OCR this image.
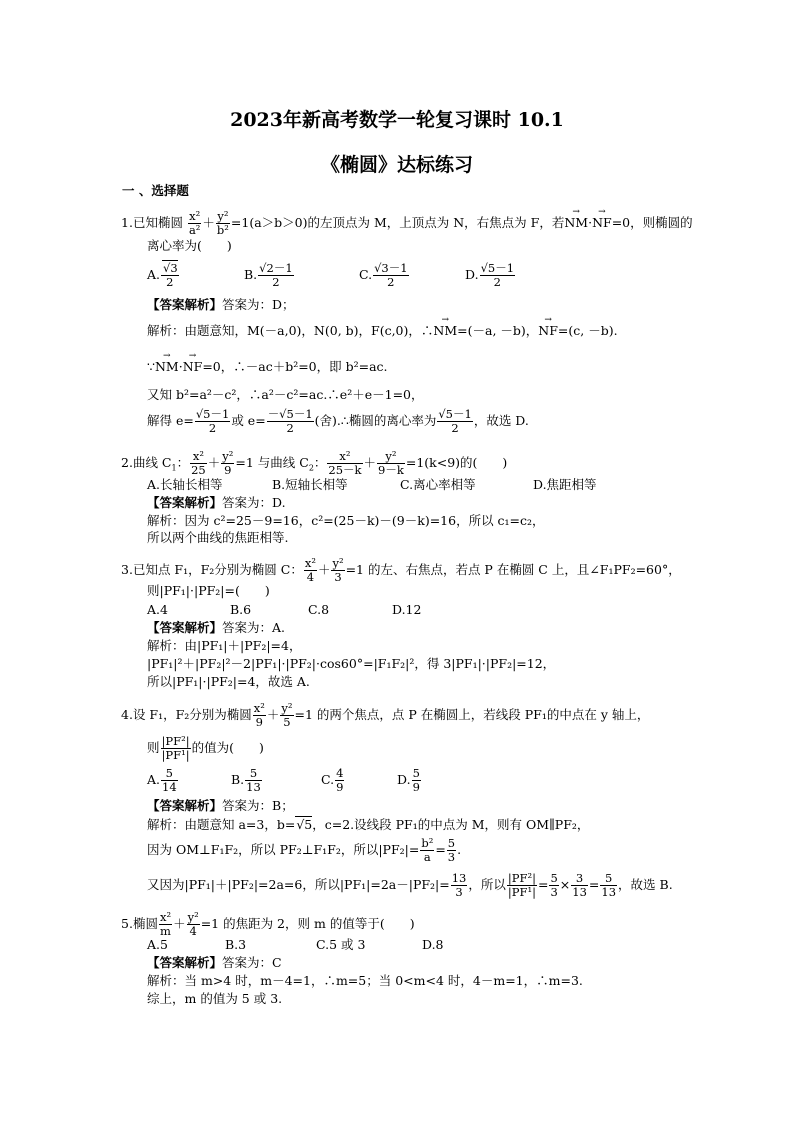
2023年新高考数学一轮复习课时 10.1
《椭圆》达标练习
一 、选择题
1.已知椭圆 $\frac{\text{x²}}{\text{a²}} + \frac{\text{y²}}{\text{b²}} =1(a>b>0)$的左顶点为 M，上顶点为 N，右焦点为 F，若→ NM·→ NF=0，则椭圆的
离心率为(　　)
A. $\frac{√3}{2}$	B. $\frac{√2-1}{2}$	C. $\frac{√3-1}{2}$	D. $\frac{√5-1}{2}$
【答案解析】答案为：D；
解析：由题意知，M(－a,0)，N(0, b)，F(c,0)，∴→ NM=(－a, －b)，→ NF=(c, －b).
∵→ NM·→ NF=0，∴－ac＋b²=0，即 b²=ac.
又知 b²=a²－c²，∴a²－c²=ac.∴e²＋e－1=0，
解得 $e= \frac{√5-1}{2}$ 或 $e= \frac{-√5-1}{2}$ (舍).∴椭圆的离心率为 $\frac{√5-1}{2}$ ，故选 D.
2.曲线 $C_1$： $\frac{\text{x²}}{25} + \frac{\text{y²}}{9} =1$ 与曲线 $C_2$： $\frac{\text{x²}}{25-k} + \frac{\text{y²}}{9-k} =1(k<9)$的(　　)
A.长轴长相等	B.短轴长相等	C.离心率相等	D.焦距相等
【答案解析】答案为：D.
解析：因为 c²=25－9=16，c²=(25－k)－(9－k)=16，所以 c₁=c₂，
所以两个曲线的焦距相等.
3.已知点 F₁，F₂分别为椭圆 C： $\frac{\text{x²}}{4} + \frac{\text{y²}}{3} =1$ 的左、右焦点，若点 P 在椭圆 C 上，且∠F₁PF₂=60°，
则|PF₁|·|PF₂|=(　　)
A.4	B.6	C.8	D.12
【答案解析】答案为：A.
解析：由|PF₁|＋|PF₂|=4，
|PF₁|²＋|PF₂|²－2|PF₁|·|PF₂|·cos60°=|F₁F₂|²，得 3|PF₁|·|PF₂|=12，
所以|PF₁|·|PF₂|=4，故选 A.
4.设 F₁，F₂分别为椭圆 $\frac{\text{x²}}{9} + \frac{\text{y²}}{5} =1$ 的两个焦点，点 P 在椭圆上，若线段 PF₁的中点在 y 轴上，
则 $\frac{\text{|PF²|}}{\text{|PF¹|}}$ 的值为(　　)
A. $\frac{5}{14}$	B. $\frac{5}{13}$	C. $\frac{4}{9}$	D. $\frac{5}{9}$
【答案解析】答案为：B；
解析：由题意知 a=3，b=√5，c=2.设线段 PF₁的中点为 M，则有 OM∥PF₂，
因为 OM⊥F₁F₂，所以 PF₂⊥F₁F₂，所以$|PF_2|= \frac{\text{b²}}{a} = \frac{5}{3}$ .
又因为|PF₁|＋|PF₂|=2a=6，所以$|PF_1|=2a-|PF_2|= \frac{13}{3}$ ，所以 $\frac{\text{|PF²|}}{\text{|PF¹|}} = \frac{5}{3} \times \frac{3}{13} = \frac{5}{13}$ ，故选 B.
5.椭圆 $\frac{\text{x²}}{m} + \frac{\text{y²}}{4} =1$ 的焦距为 2，则 m 的值等于(　　)
A.5	B.3	C.5 或 3	D.8
【答案解析】答案为：C
解析：当 m>4 时，m－4=1，∴m=5；当 0<m<4 时，4－m=1，∴m=3.
综上，m 的值为 5 或 3.
